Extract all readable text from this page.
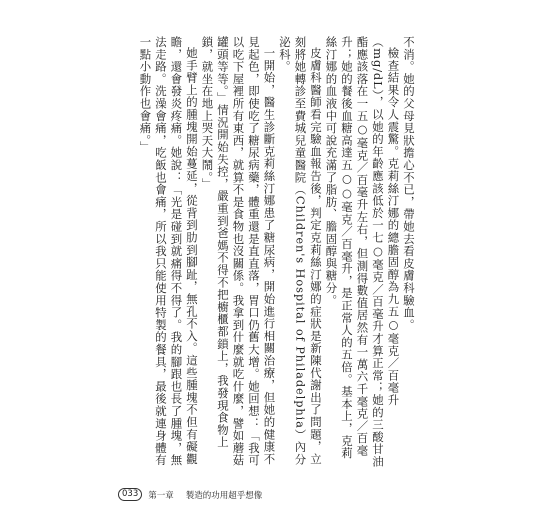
不消。她的父母見狀擔心不已，帶她去看皮膚科驗血。

檢查結果令人震驚。克莉絲汀娜的總膽固醇為九五○毫克／百毫升（mg/dL），以她的年齡應該低於一七○毫克／百毫升才算正常；她的三酸甘油酯應該落在一五○毫克／百毫升左右，但測得數值居然有一萬六千毫克／百毫升；她的餐後血糖高達五○○毫克／百毫升，是正常人的五倍。基本上，克莉絲汀娜的血液中可說充滿了脂肪、膽固醇與糖分。

皮膚科醫師看完驗血報告後，判定克莉絲汀娜的症狀是新陳代謝出了問題，立刻將她轉診至費城兒童醫院（Children's Hospital of Philadelphia）內分泌科。

一開始，醫生診斷克莉絲汀娜患了糖尿病，開始進行相關治療，但她的健康不見起色，即使吃了糖尿病藥，體重還是直直落，胃口仍舊大增。她回想：「我可以吃下屋裡所有東西，就算不是食物也沒關係。我拿到什麼就吃什麼，譬如蘑菇罐頭等等。」情況開始失控，嚴重到爸媽不得不把櫥櫃都鎖上，我發現食物上鎖，就坐在地上哭天大鬧。」

她手臂上的腫塊開始蔓延，從背到肋到腳趾，無孔不入。這些腫塊不但有礙觀瞻，還會發炎疼痛。她說：「光是碰到就痛得不得了。我的腳跟也長了腫塊，無法走路。洗澡會痛，吃飯也會痛，所以我只能使用特製的餐具，最後就連身體有一點小動作也會痛。」

033	第一章 製造的功用超乎想像
